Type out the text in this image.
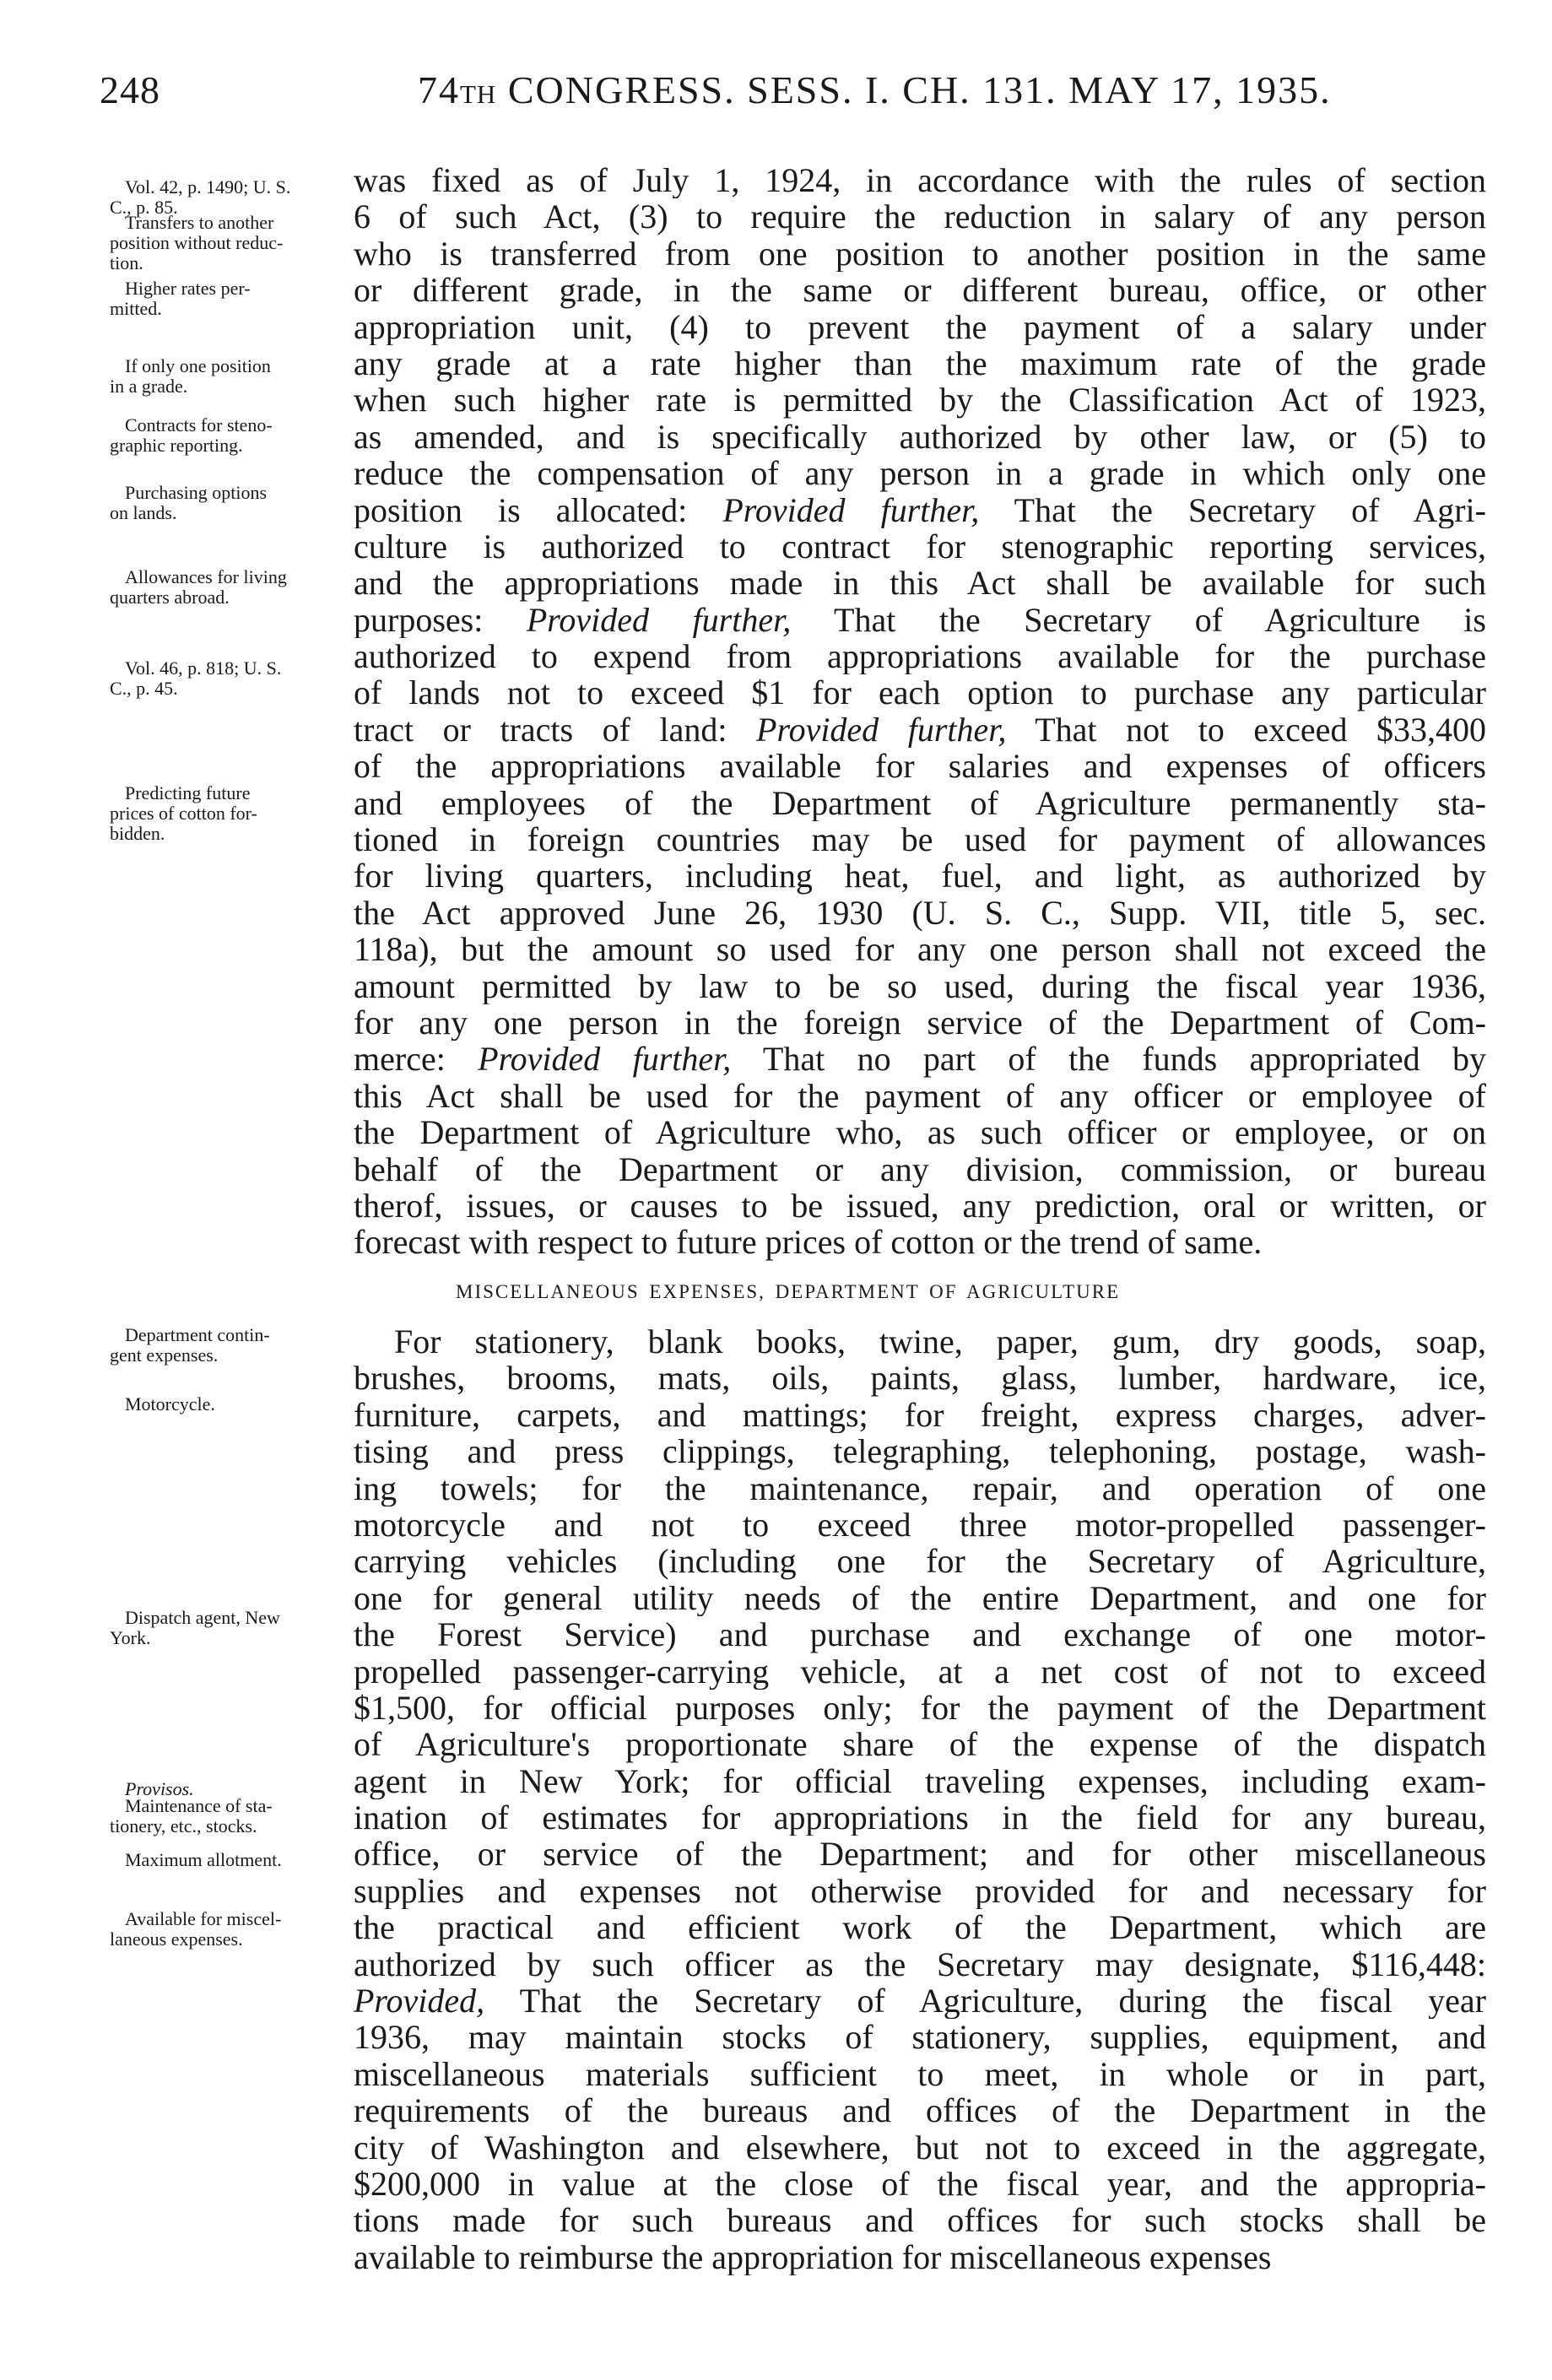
248	74TH CONGRESS. SESS. I. CH. 131. MAY 17, 1935.
was fixed as of July 1, 1924, in accordance with the rules of section
6 of such Act, (3) to require the reduction in salary of any person
who is transferred from one position to another position in the same
or different grade, in the same or different bureau, office, or other
appropriation unit, (4) to prevent the payment of a salary under
any grade at a rate higher than the maximum rate of the grade
when such higher rate is permitted by the Classification Act of 1923,
as amended, and is specifically authorized by other law, or (5) to
reduce the compensation of any person in a grade in which only one
position is allocated: Provided further, That the Secretary of Agri-
culture is authorized to contract for stenographic reporting services,
and the appropriations made in this Act shall be available for such
purposes: Provided further, That the Secretary of Agriculture is
authorized to expend from appropriations available for the purchase
of lands not to exceed $1 for each option to purchase any particular
tract or tracts of land: Provided further, That not to exceed $33,400
of the appropriations available for salaries and expenses of officers
and employees of the Department of Agriculture permanently sta-
tioned in foreign countries may be used for payment of allowances
for living quarters, including heat, fuel, and light, as authorized by
the Act approved June 26, 1930 (U. S. C., Supp. VII, title 5, sec.
118a), but the amount so used for any one person shall not exceed the
amount permitted by law to be so used, during the fiscal year 1936,
for any one person in the foreign service of the Department of Com-
merce: Provided further, That no part of the funds appropriated by
this Act shall be used for the payment of any officer or employee of
the Department of Agriculture who, as such officer or employee, or on
behalf of the Department or any division, commission, or bureau
therof, issues, or causes to be issued, any prediction, oral or written, or
forecast with respect to future prices of cotton or the trend of same.
MISCELLANEOUS EXPENSES, DEPARTMENT OF AGRICULTURE
For stationery, blank books, twine, paper, gum, dry goods, soap,
brushes, brooms, mats, oils, paints, glass, lumber, hardware, ice,
furniture, carpets, and mattings; for freight, express charges, adver-
tising and press clippings, telegraphing, telephoning, postage, wash-
ing towels; for the maintenance, repair, and operation of one
motorcycle and not to exceed three motor-propelled passenger-
carrying vehicles (including one for the Secretary of Agriculture,
one for general utility needs of the entire Department, and one for
the Forest Service) and purchase and exchange of one motor-
propelled passenger-carrying vehicle, at a net cost of not to exceed
$1,500, for official purposes only; for the payment of the Department
of Agriculture's proportionate share of the expense of the dispatch
agent in New York; for official traveling expenses, including exam-
ination of estimates for appropriations in the field for any bureau,
office, or service of the Department; and for other miscellaneous
supplies and expenses not otherwise provided for and necessary for
the practical and efficient work of the Department, which are
authorized by such officer as the Secretary may designate, $116,448:
Provided, That the Secretary of Agriculture, during the fiscal year
1936, may maintain stocks of stationery, supplies, equipment, and
miscellaneous materials sufficient to meet, in whole or in part,
requirements of the bureaus and offices of the Department in the
city of Washington and elsewhere, but not to exceed in the aggregate,
$200,000 in value at the close of the fiscal year, and the appropria-
tions made for such bureaus and offices for such stocks shall be
available to reimburse the appropriation for miscellaneous expenses
Vol. 42, p. 1490; U. S.
C., p. 85.
Transfers to another
position without reduc-
tion.
Higher rates per-
mitted.
If only one position
in a grade.
Contracts for steno-
graphic reporting.
Purchasing options
on lands.
Allowances for living
quarters abroad.
Vol. 46, p. 818; U. S.
C., p. 45.
Predicting future
prices of cotton for-
bidden.
Department contin-
gent expenses.
Motorcycle.
Dispatch agent, New
York.
Provisos.
Maintenance of sta-
tionery, etc., stocks.
Maximum allotment.
Available for miscel-
laneous expenses.
